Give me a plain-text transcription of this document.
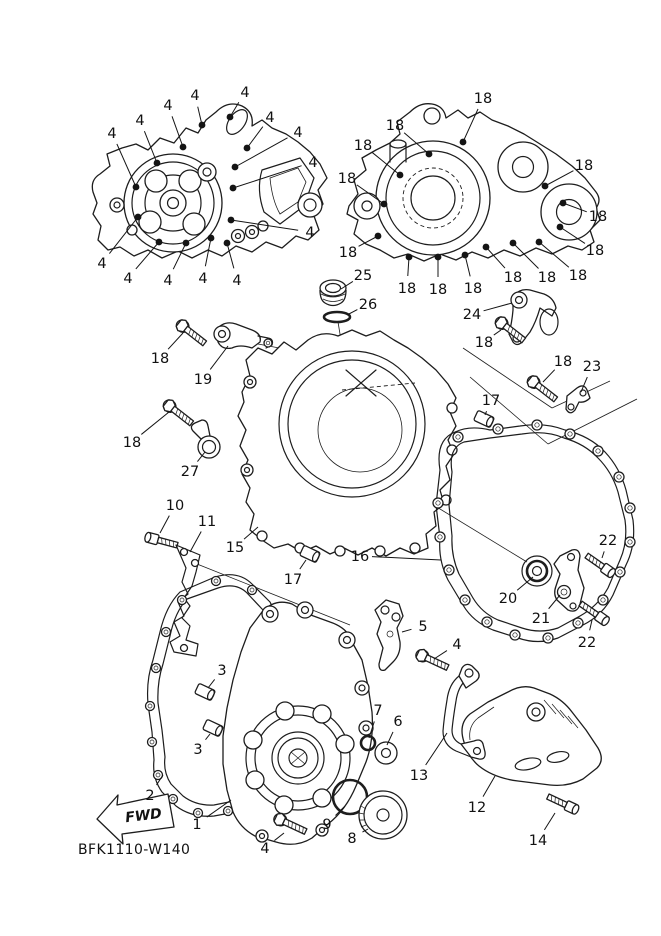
FWD
BFK1110-W140
4	4
4
4
4
4
4
4
4
4
4 4 4 4
18
18
18
18
18
18
18
18
18
18
18
18 18 18
25
26
18
19
18
27
10
11
15
17
16
3
3
2
1
4
9
8
24
18
18 23
17
20
21
22
22
5
4
7
6
13
12
14
